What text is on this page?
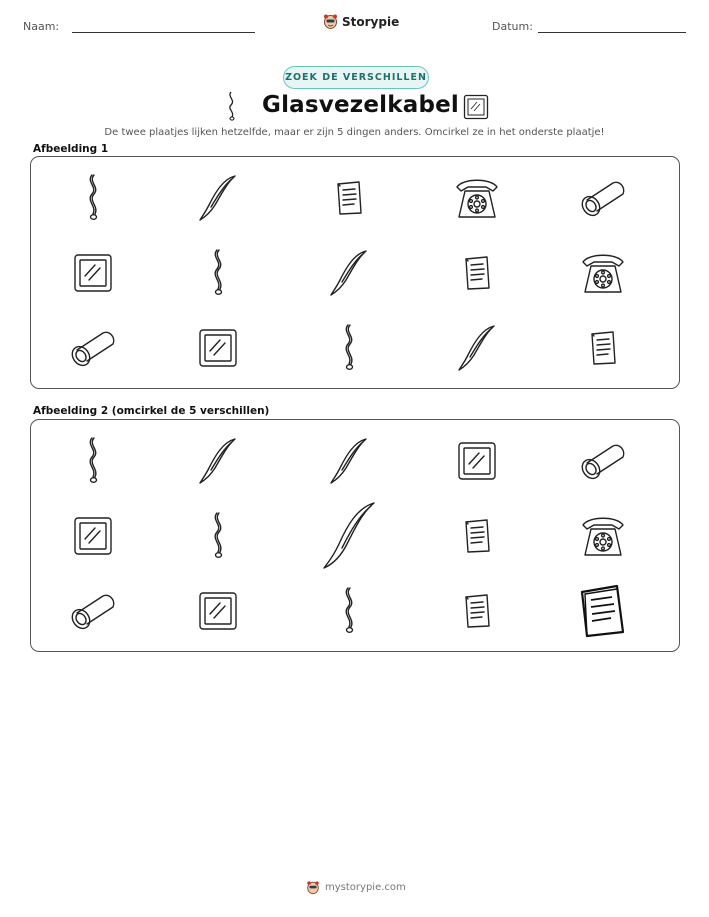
Naam:	Storypie	Datum:
ZOEK DE VERSCHILLEN
Glasvezelkabel
De twee plaatjes lijken hetzelfde, maar er zijn 5 dingen anders. Omcirkel ze in het onderste plaatje!
Afbeelding 1
Afbeelding 2 (omcirkel de 5 verschillen)
mystorypie.com
